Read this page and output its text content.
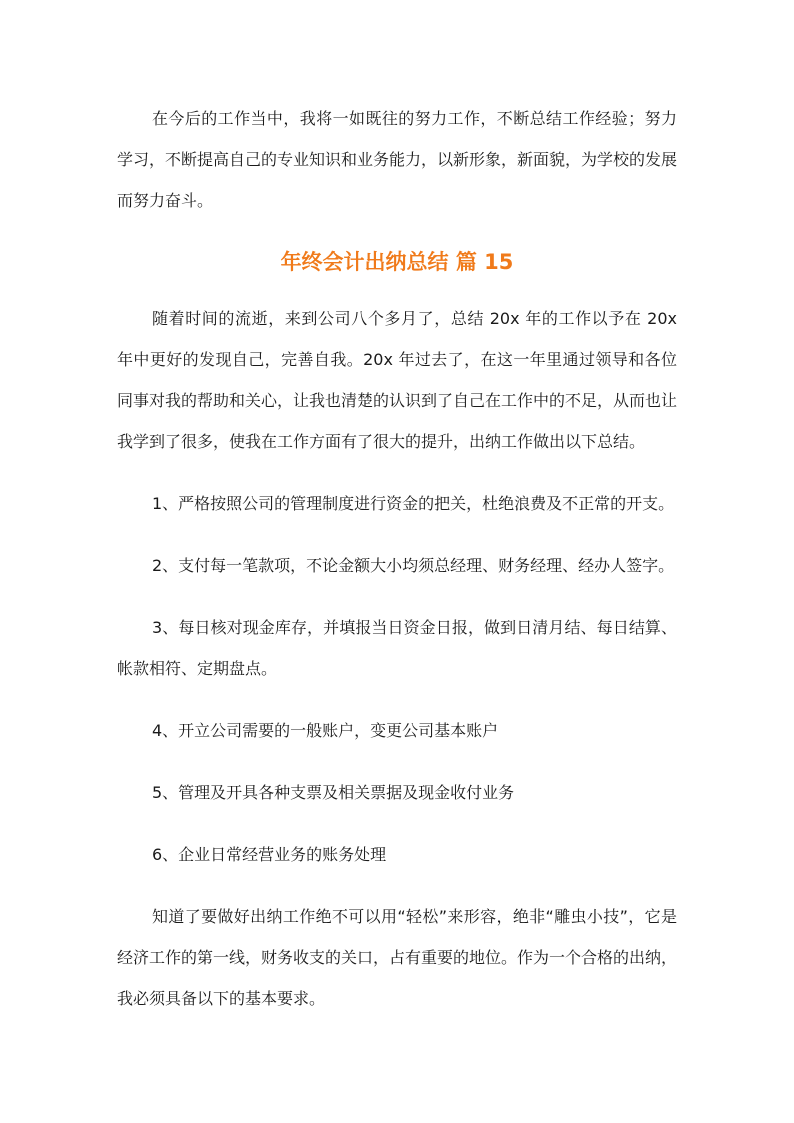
在今后的工作当中，我将一如既往的努力工作，不断总结工作经验；努力学习，不断提高自己的专业知识和业务能力，以新形象，新面貌，为学校的发展而努力奋斗。

年终会计出纳总结 篇 15

随着时间的流逝，来到公司八个多月了，总结 20x 年的工作以予在 20x 年中更好的发现自己，完善自我。20x 年过去了，在这一年里通过领导和各位同事对我的帮助和关心，让我也清楚的认识到了自己在工作中的不足，从而也让我学到了很多，使我在工作方面有了很大的提升，出纳工作做出以下总结。

1、严格按照公司的管理制度进行资金的把关，杜绝浪费及不正常的开支。

2、支付每一笔款项，不论金额大小均须总经理、财务经理、经办人签字。

3、每日核对现金库存，并填报当日资金日报，做到日清月结、每日结算、帐款相符、定期盘点。

4、开立公司需要的一般账户，变更公司基本账户

5、管理及开具各种支票及相关票据及现金收付业务

6、企业日常经营业务的账务处理

知道了要做好出纳工作绝不可以用“轻松”来形容，绝非“雕虫小技”，它是经济工作的第一线，财务收支的关口，占有重要的地位。作为一个合格的出纳，我必须具备以下的基本要求。
